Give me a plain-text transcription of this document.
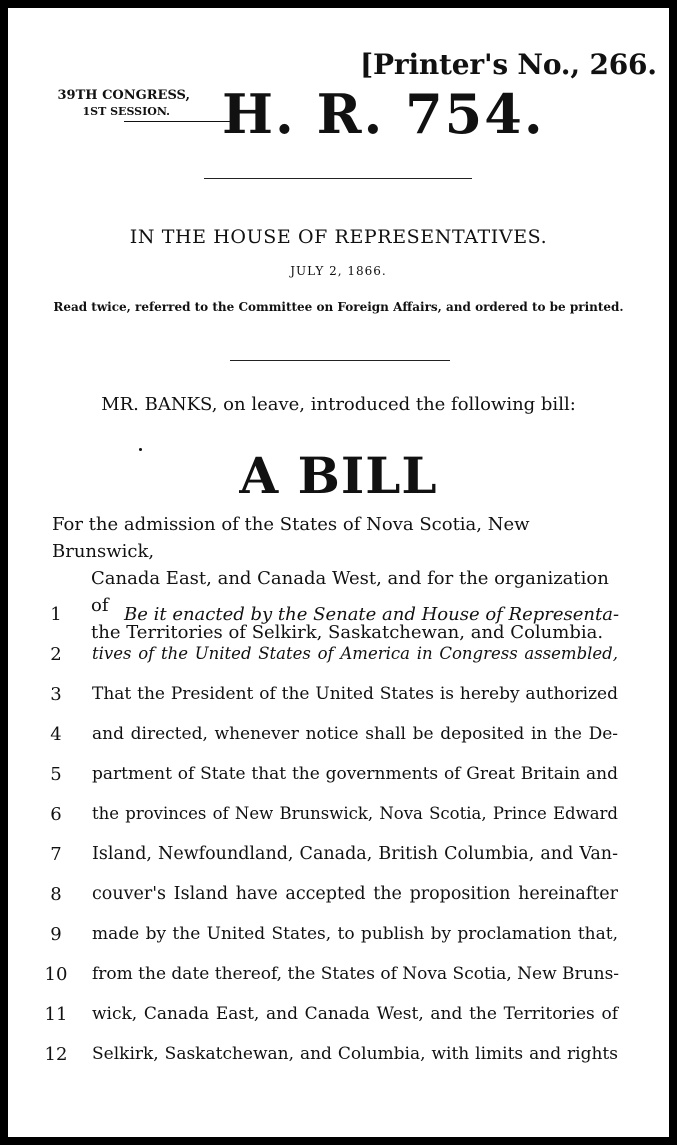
[Printer's No., 266.
39TH CONGRESS,
1ST SESSION. H. R. 754.
IN THE HOUSE OF REPRESENTATIVES.
JULY 2, 1866.
Read twice, referred to the Committee on Foreign Affairs, and ordered to be printed.
MR. BANKS, on leave, introduced the following bill:
A BILL
For the admission of the States of Nova Scotia, New Brunswick,
Canada East, and Canada West, and for the organization of
the Territories of Selkirk, Saskatchewan, and Columbia.
1	Be it enacted by the Senate and House of Representa-
2	tives of the United States of America in Congress assembled,
3	That the President of the United States is hereby authorized
4	and directed, whenever notice shall be deposited in the De-
5	partment of State that the governments of Great Britain and
6	the provinces of New Brunswick, Nova Scotia, Prince Edward
7	Island, Newfoundland, Canada, British Columbia, and Van-
8	couver's Island have accepted the proposition hereinafter
9	made by the United States, to publish by proclamation that,
10	from the date thereof, the States of Nova Scotia, New Bruns-
11	wick, Canada East, and Canada West, and the Territories of
12	Selkirk, Saskatchewan, and Columbia, with limits and rights
